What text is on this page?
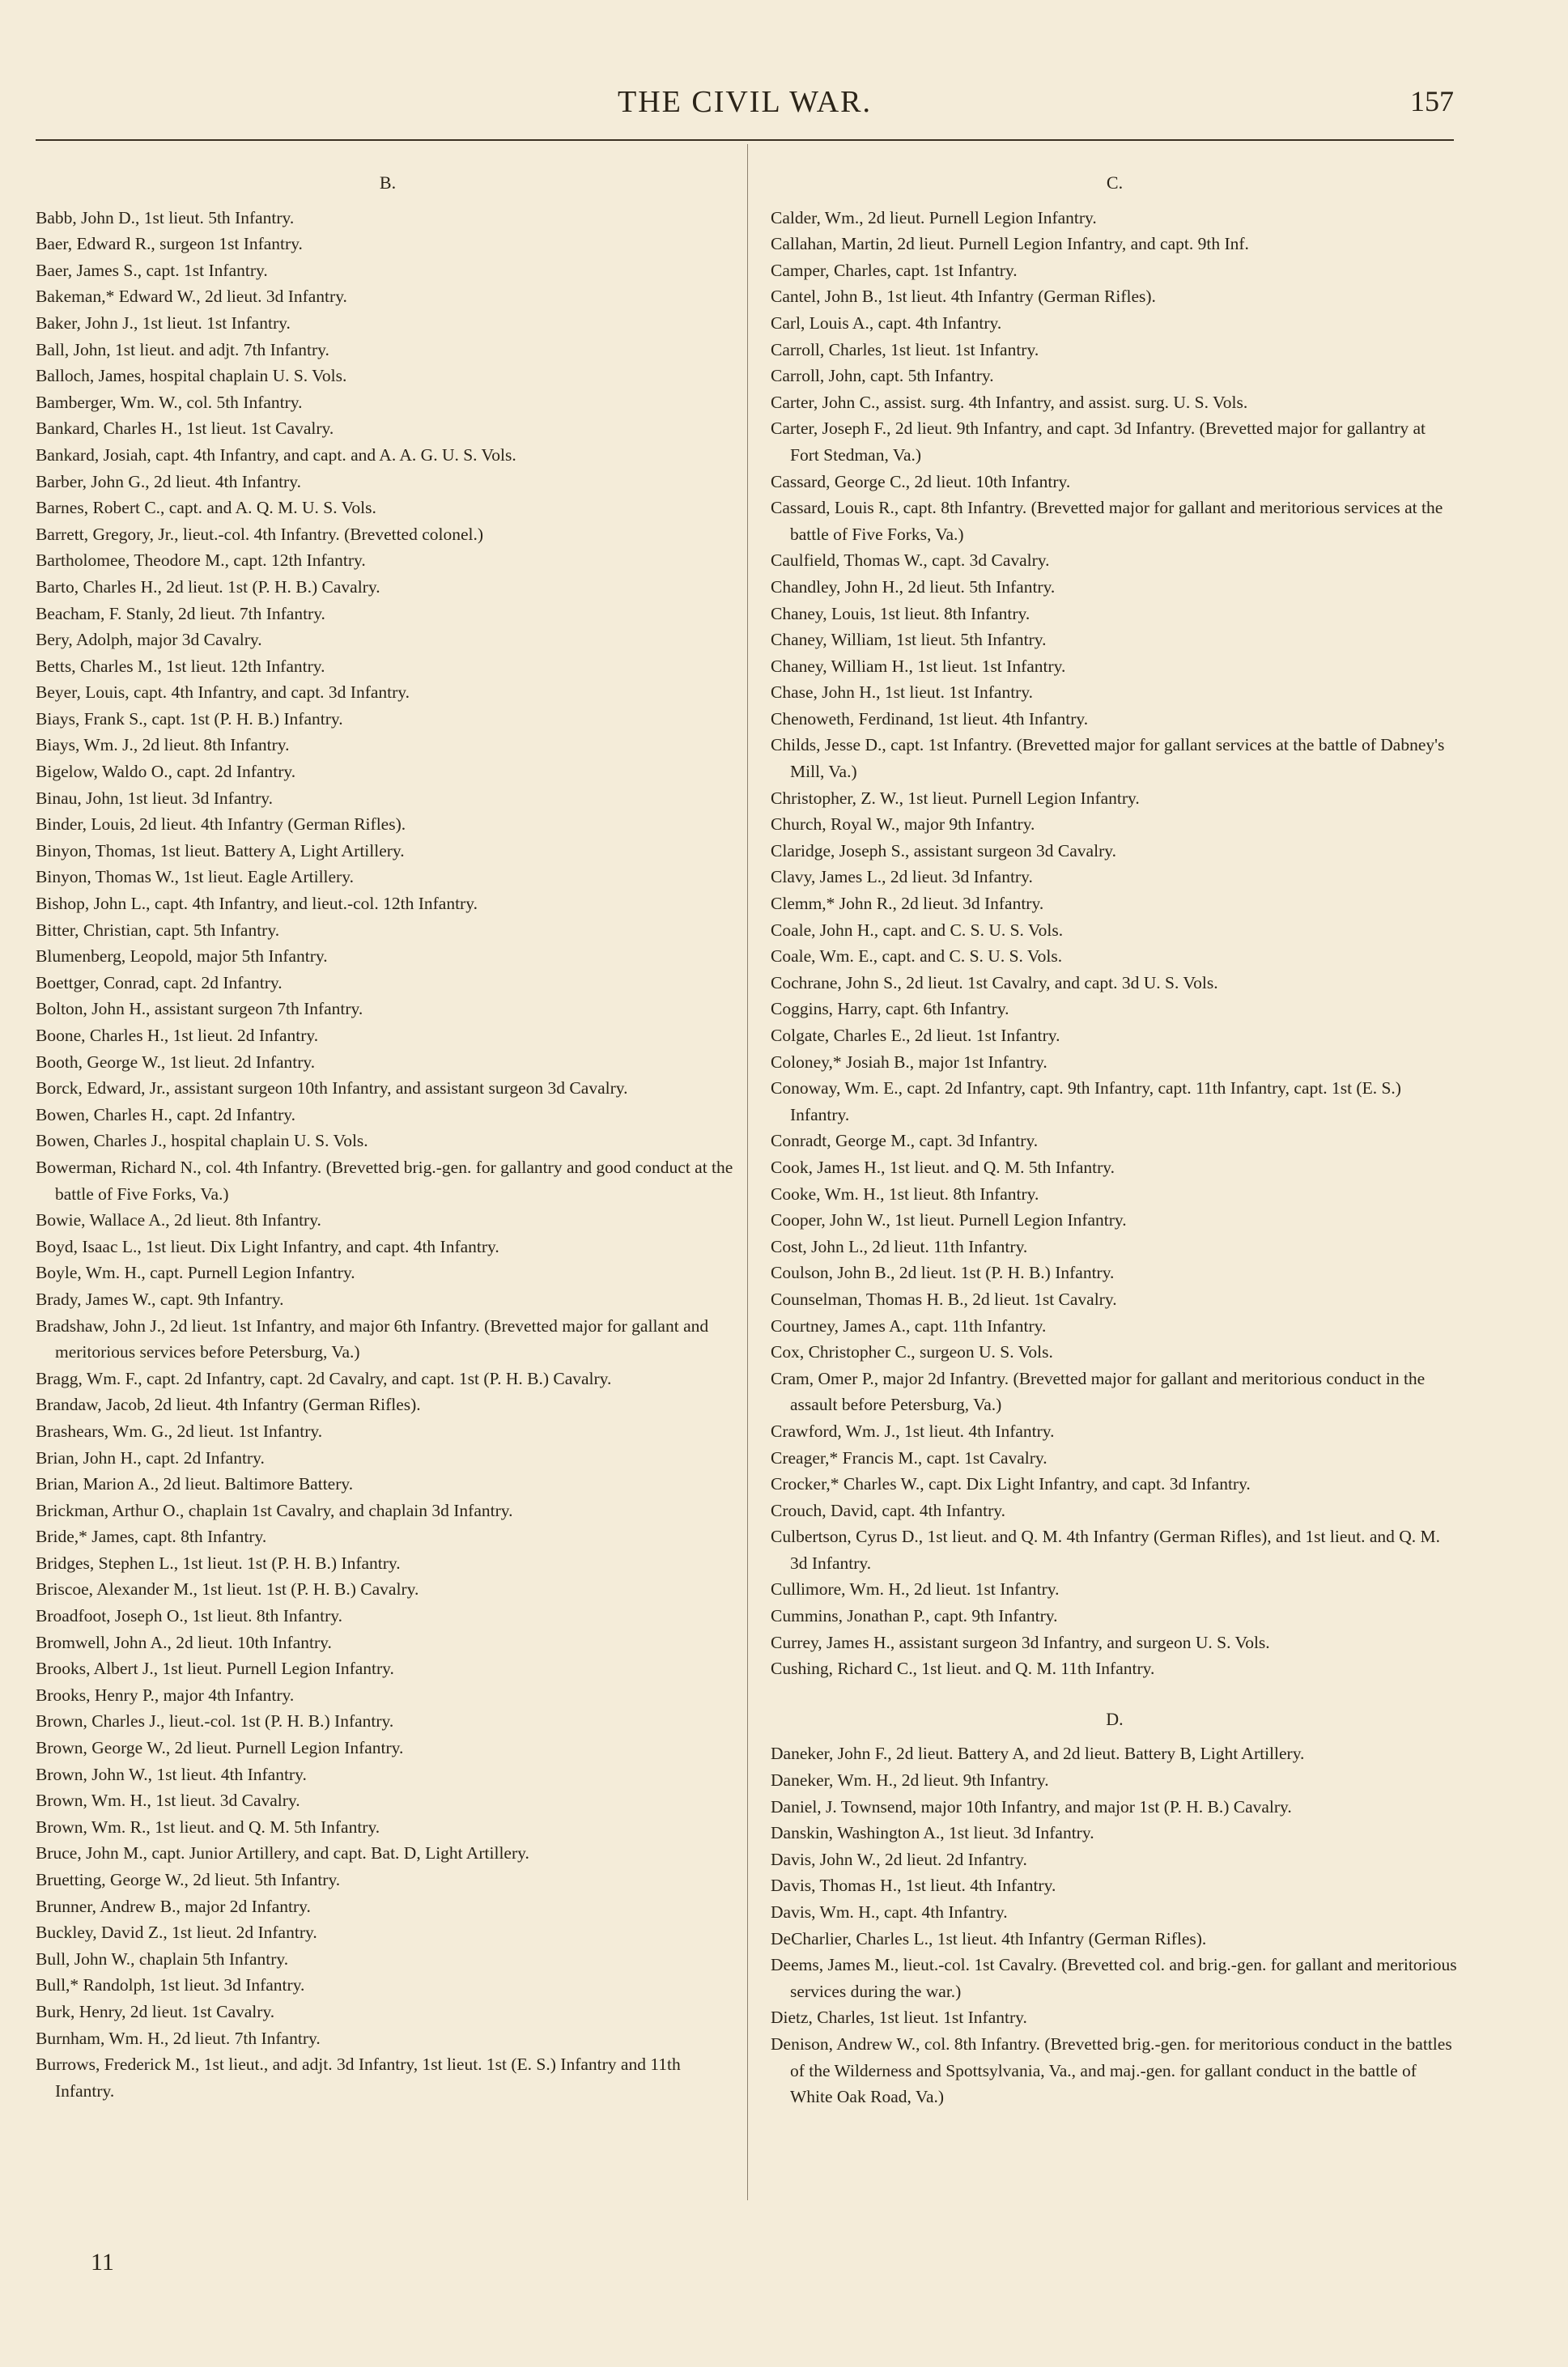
THE CIVIL WAR.	157
B.

Babb, John D., 1st lieut. 5th Infantry.

Baer, Edward R., surgeon 1st Infantry.

Baer, James S., capt. 1st Infantry.

Bakeman,* Edward W., 2d lieut. 3d Infantry.

Baker, John J., 1st lieut. 1st Infantry.

Ball, John, 1st lieut. and adjt. 7th Infantry.

Balloch, James, hospital chaplain U. S. Vols.

Bamberger, Wm. W., col. 5th Infantry.

Bankard, Charles H., 1st lieut. 1st Cavalry.

Bankard, Josiah, capt. 4th Infantry, and capt. and A. A. G. U. S. Vols.

Barber, John G., 2d lieut. 4th Infantry.

Barnes, Robert C., capt. and A. Q. M. U. S. Vols.

Barrett, Gregory, Jr., lieut.-col. 4th Infantry. (Brevetted colonel.)

Bartholomee, Theodore M., capt. 12th Infantry.

Barto, Charles H., 2d lieut. 1st (P. H. B.) Cavalry.

Beacham, F. Stanly, 2d lieut. 7th Infantry.

Bery, Adolph, major 3d Cavalry.

Betts, Charles M., 1st lieut. 12th Infantry.

Beyer, Louis, capt. 4th Infantry, and capt. 3d Infantry.

Biays, Frank S., capt. 1st (P. H. B.) Infantry.

Biays, Wm. J., 2d lieut. 8th Infantry.

Bigelow, Waldo O., capt. 2d Infantry.

Binau, John, 1st lieut. 3d Infantry.

Binder, Louis, 2d lieut. 4th Infantry (German Rifles).

Binyon, Thomas, 1st lieut. Battery A, Light Artillery.

Binyon, Thomas W., 1st lieut. Eagle Artillery.

Bishop, John L., capt. 4th Infantry, and lieut.-col. 12th Infantry.

Bitter, Christian, capt. 5th Infantry.

Blumenberg, Leopold, major 5th Infantry.

Boettger, Conrad, capt. 2d Infantry.

Bolton, John H., assistant surgeon 7th Infantry.

Boone, Charles H., 1st lieut. 2d Infantry.

Booth, George W., 1st lieut. 2d Infantry.

Borck, Edward, Jr., assistant surgeon 10th Infantry, and assistant surgeon 3d Cavalry.

Bowen, Charles H., capt. 2d Infantry.

Bowen, Charles J., hospital chaplain U. S. Vols.

Bowerman, Richard N., col. 4th Infantry. (Brevetted brig.-gen. for gallantry and good conduct at the battle of Five Forks, Va.)

Bowie, Wallace A., 2d lieut. 8th Infantry.

Boyd, Isaac L., 1st lieut. Dix Light Infantry, and capt. 4th Infantry.

Boyle, Wm. H., capt. Purnell Legion Infantry.

Brady, James W., capt. 9th Infantry.

Bradshaw, John J., 2d lieut. 1st Infantry, and major 6th Infantry. (Brevetted major for gallant and meritorious services before Petersburg, Va.)

Bragg, Wm. F., capt. 2d Infantry, capt. 2d Cavalry, and capt. 1st (P. H. B.) Cavalry.

Brandaw, Jacob, 2d lieut. 4th Infantry (German Rifles).

Brashears, Wm. G., 2d lieut. 1st Infantry.

Brian, John H., capt. 2d Infantry.

Brian, Marion A., 2d lieut. Baltimore Battery.

Brickman, Arthur O., chaplain 1st Cavalry, and chaplain 3d Infantry.

Bride,* James, capt. 8th Infantry.

Bridges, Stephen L., 1st lieut. 1st (P. H. B.) Infantry.

Briscoe, Alexander M., 1st lieut. 1st (P. H. B.) Cavalry.

Broadfoot, Joseph O., 1st lieut. 8th Infantry.

Bromwell, John A., 2d lieut. 10th Infantry.

Brooks, Albert J., 1st lieut. Purnell Legion Infantry.

Brooks, Henry P., major 4th Infantry.

Brown, Charles J., lieut.-col. 1st (P. H. B.) Infantry.

Brown, George W., 2d lieut. Purnell Legion Infantry.

Brown, John W., 1st lieut. 4th Infantry.

Brown, Wm. H., 1st lieut. 3d Cavalry.

Brown, Wm. R., 1st lieut. and Q. M. 5th Infantry.

Bruce, John M., capt. Junior Artillery, and capt. Bat. D, Light Artillery.

Bruetting, George W., 2d lieut. 5th Infantry.

Brunner, Andrew B., major 2d Infantry.

Buckley, David Z., 1st lieut. 2d Infantry.

Bull, John W., chaplain 5th Infantry.

Bull,* Randolph, 1st lieut. 3d Infantry.

Burk, Henry, 2d lieut. 1st Cavalry.

Burnham, Wm. H., 2d lieut. 7th Infantry.

Burrows, Frederick M., 1st lieut., and adjt. 3d Infantry, 1st lieut. 1st (E. S.) Infantry and 11th Infantry.

C.

Calder, Wm., 2d lieut. Purnell Legion Infantry.

Callahan, Martin, 2d lieut. Purnell Legion Infantry, and capt. 9th Inf.

Camper, Charles, capt. 1st Infantry.

Cantel, John B., 1st lieut. 4th Infantry (German Rifles).

Carl, Louis A., capt. 4th Infantry.

Carroll, Charles, 1st lieut. 1st Infantry.

Carroll, John, capt. 5th Infantry.

Carter, John C., assist. surg. 4th Infantry, and assist. surg. U. S. Vols.

Carter, Joseph F., 2d lieut. 9th Infantry, and capt. 3d Infantry. (Brevetted major for gallantry at Fort Stedman, Va.)

Cassard, George C., 2d lieut. 10th Infantry.

Cassard, Louis R., capt. 8th Infantry. (Brevetted major for gallant and meritorious services at the battle of Five Forks, Va.)

Caulfield, Thomas W., capt. 3d Cavalry.

Chandley, John H., 2d lieut. 5th Infantry.

Chaney, Louis, 1st lieut. 8th Infantry.

Chaney, William, 1st lieut. 5th Infantry.

Chaney, William H., 1st lieut. 1st Infantry.

Chase, John H., 1st lieut. 1st Infantry.

Chenoweth, Ferdinand, 1st lieut. 4th Infantry.

Childs, Jesse D., capt. 1st Infantry. (Brevetted major for gallant services at the battle of Dabney's Mill, Va.)

Christopher, Z. W., 1st lieut. Purnell Legion Infantry.

Church, Royal W., major 9th Infantry.

Claridge, Joseph S., assistant surgeon 3d Cavalry.

Clavy, James L., 2d lieut. 3d Infantry.

Clemm,* John R., 2d lieut. 3d Infantry.

Coale, John H., capt. and C. S. U. S. Vols.

Coale, Wm. E., capt. and C. S. U. S. Vols.

Cochrane, John S., 2d lieut. 1st Cavalry, and capt. 3d U. S. Vols.

Coggins, Harry, capt. 6th Infantry.

Colgate, Charles E., 2d lieut. 1st Infantry.

Coloney,* Josiah B., major 1st Infantry.

Conoway, Wm. E., capt. 2d Infantry, capt. 9th Infantry, capt. 11th Infantry, capt. 1st (E. S.) Infantry.

Conradt, George M., capt. 3d Infantry.

Cook, James H., 1st lieut. and Q. M. 5th Infantry.

Cooke, Wm. H., 1st lieut. 8th Infantry.

Cooper, John W., 1st lieut. Purnell Legion Infantry.

Cost, John L., 2d lieut. 11th Infantry.

Coulson, John B., 2d lieut. 1st (P. H. B.) Infantry.

Counselman, Thomas H. B., 2d lieut. 1st Cavalry.

Courtney, James A., capt. 11th Infantry.

Cox, Christopher C., surgeon U. S. Vols.

Cram, Omer P., major 2d Infantry. (Brevetted major for gallant and meritorious conduct in the assault before Petersburg, Va.)

Crawford, Wm. J., 1st lieut. 4th Infantry.

Creager,* Francis M., capt. 1st Cavalry.

Crocker,* Charles W., capt. Dix Light Infantry, and capt. 3d Infantry.

Crouch, David, capt. 4th Infantry.

Culbertson, Cyrus D., 1st lieut. and Q. M. 4th Infantry (German Rifles), and 1st lieut. and Q. M. 3d Infantry.

Cullimore, Wm. H., 2d lieut. 1st Infantry.

Cummins, Jonathan P., capt. 9th Infantry.

Currey, James H., assistant surgeon 3d Infantry, and surgeon U. S. Vols.

Cushing, Richard C., 1st lieut. and Q. M. 11th Infantry.

D.

Daneker, John F., 2d lieut. Battery A, and 2d lieut. Battery B, Light Artillery.

Daneker, Wm. H., 2d lieut. 9th Infantry.

Daniel, J. Townsend, major 10th Infantry, and major 1st (P. H. B.) Cavalry.

Danskin, Washington A., 1st lieut. 3d Infantry.

Davis, John W., 2d lieut. 2d Infantry.

Davis, Thomas H., 1st lieut. 4th Infantry.

Davis, Wm. H., capt. 4th Infantry.

DeCharlier, Charles L., 1st lieut. 4th Infantry (German Rifles).

Deems, James M., lieut.-col. 1st Cavalry. (Brevetted col. and brig.-gen. for gallant and meritorious services during the war.)

Dietz, Charles, 1st lieut. 1st Infantry.

Denison, Andrew W., col. 8th Infantry. (Brevetted brig.-gen. for meritorious conduct in the battles of the Wilderness and Spottsylvania, Va., and maj.-gen. for gallant conduct in the battle of White Oak Road, Va.)

11
